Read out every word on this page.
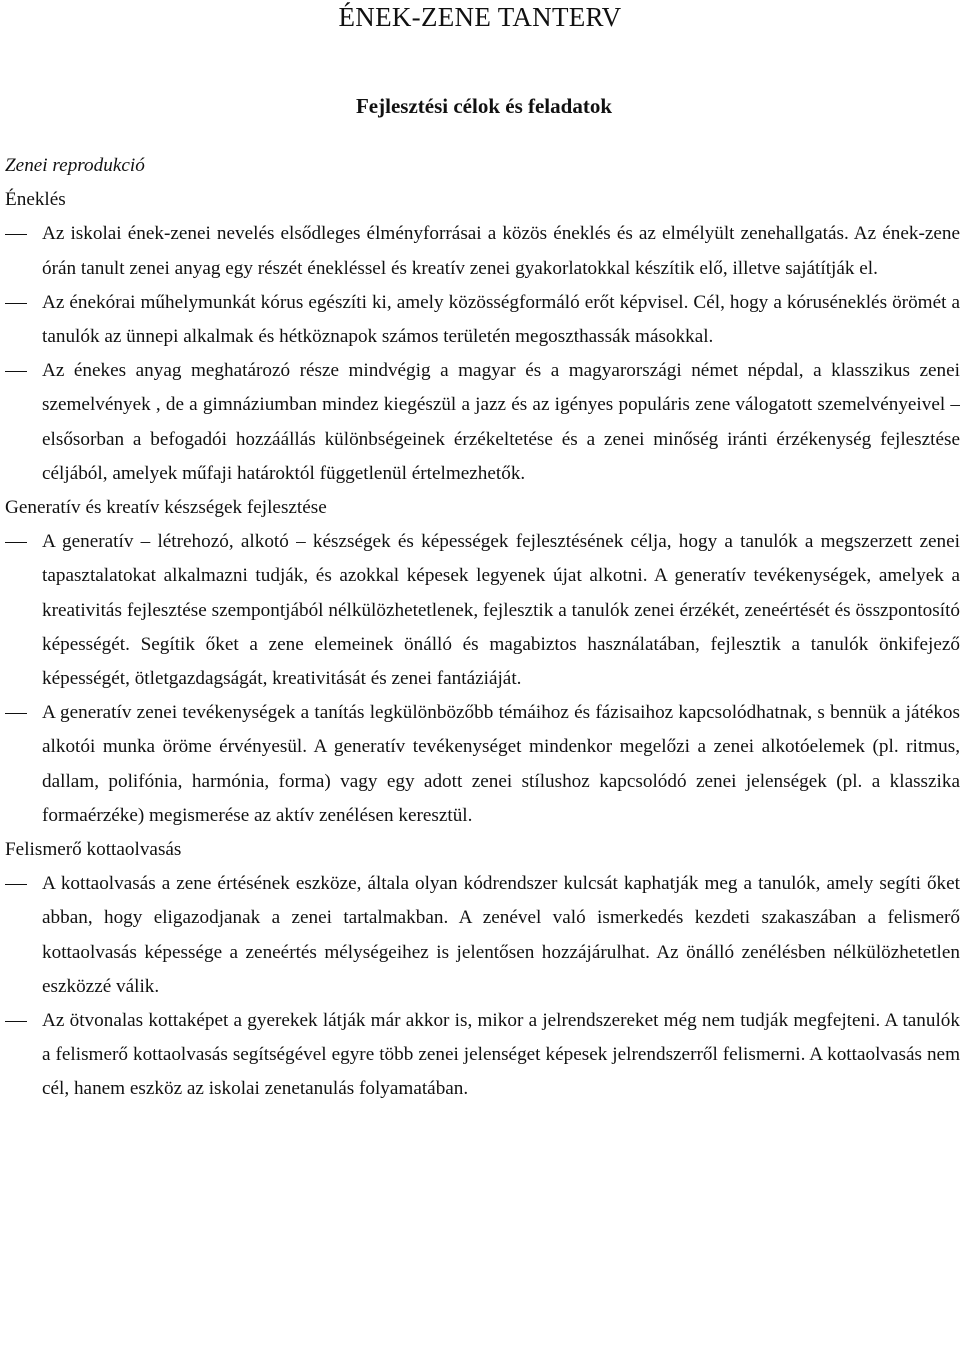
ÉNEK-ZENE TANTERV
Fejlesztési célok és feladatok
Zenei reprodukció
Éneklés
Az iskolai ének-zenei nevelés elsődleges élményforrásai a közös éneklés és az elmélyült zenehallgatás. Az ének-zene órán tanult zenei anyag egy részét énekléssel és kreatív zenei gyakorlatokkal készítik elő, illetve sajátítják el.
Az énekórai műhelymunkát kórus egészíti ki, amely közösségformáló erőt képvisel. Cél, hogy a kóruséneklés örömét a tanulók az ünnepi alkalmak és hétköznapok számos területén megoszthassák másokkal.
Az énekes anyag meghatározó része mindvégig a magyar és a magyarországi német népdal, a klasszikus zenei szemelvények , de a gimnáziumban mindez kiegészül a jazz és az igényes populáris zene válogatott szemelvényeivel – elsősorban a befogadói hozzáállás különbségeinek érzékeltetése és a zenei minőség iránti érzékenység fejlesztése céljából, amelyek műfaji határoktól függetlenül értelmezhetők.
Generatív és kreatív készségek fejlesztése
A generatív – létrehozó, alkotó – készségek és képességek fejlesztésének célja, hogy a tanulók a megszerzett zenei tapasztalatokat alkalmazni tudják, és azokkal képesek legyenek újat alkotni. A generatív tevékenységek, amelyek a kreativitás fejlesztése szempontjából nélkülözhetetlenek, fejlesztik a tanulók zenei érzékét, zeneértését és összpontosító képességét. Segítik őket a zene elemeinek önálló és magabiztos használatában, fejlesztik a tanulók önkifejező képességét, ötletgazdagságát, kreativitását és zenei fantáziáját.
A generatív zenei tevékenységek a tanítás legkülönbözőbb témáihoz és fázisaihoz kapcsolódhatnak, s bennük a játékos alkotói munka öröme érvényesül. A generatív tevékenységet mindenkor megelőzi a zenei alkotóelemek (pl. ritmus, dallam, polifónia, harmónia, forma) vagy egy adott zenei stílushoz kapcsolódó zenei jelenségek (pl. a klasszika formaérzéke) megismerése az aktív zenélésen keresztül.
Felismerő kottaolvasás
A kottaolvasás a zene értésének eszköze, általa olyan kódrendszer kulcsát kaphatják meg a tanulók, amely segíti őket abban, hogy eligazodjanak a zenei tartalmakban. A zenével való ismerkedés kezdeti szakaszában a felismerő kottaolvasás képessége a zeneértés mélységeihez is jelentősen hozzájárulhat. Az önálló zenélésben nélkülözhetetlen eszközzé válik.
Az ötvonalas kottaképet a gyerekek látják már akkor is, mikor a jelrendszereket még nem tudják megfejteni. A tanulók a felismerő kottaolvasás segítségével egyre több zenei jelenséget képesek jelrendszerről felismerni. A kottaolvasás nem cél, hanem eszköz az iskolai zenetanulás folyamatában.
